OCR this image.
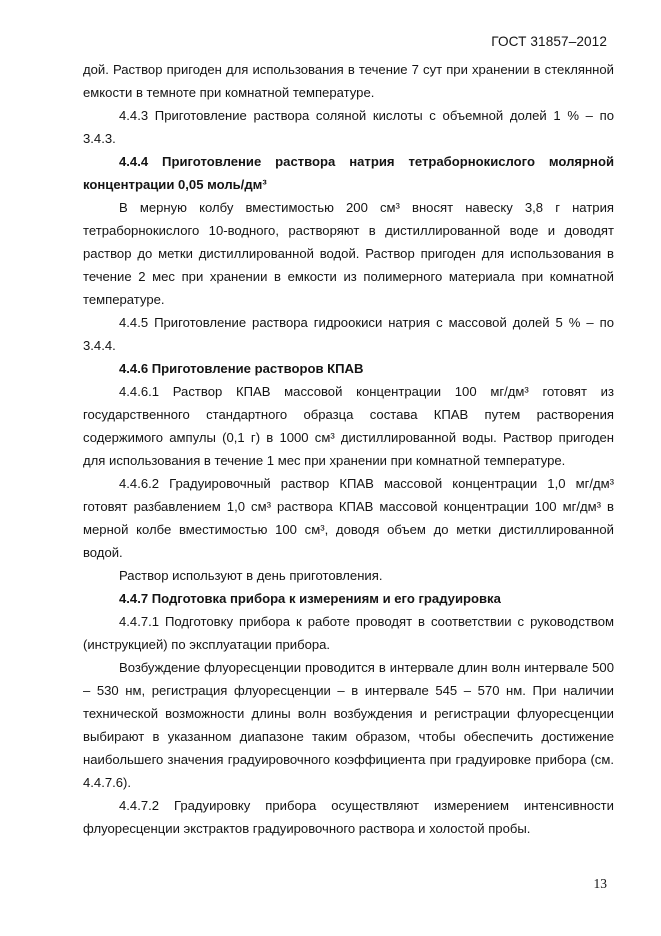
ГОСТ 31857–2012

дой. Раствор пригоден для использования в течение 7 сут при хранении в стеклянной емкости в темноте при комнатной температуре.

4.4.3 Приготовление раствора соляной кислоты с объемной долей 1 % – по 3.4.3.

4.4.4 Приготовление раствора натрия тетраборнокислого молярной концентрации 0,05 моль/дм³

В мерную колбу вместимостью 200 см³ вносят навеску 3,8 г натрия тетраборнокислого 10-водного, растворяют в дистиллированной воде и доводят раствор до метки дистиллированной водой. Раствор пригоден для использования в течение 2 мес при хранении в емкости из полимерного материала при комнатной температуре.

4.4.5 Приготовление раствора гидроокиси натрия с массовой долей 5 % – по 3.4.4.

4.4.6 Приготовление растворов КПАВ

4.4.6.1 Раствор КПАВ массовой концентрации 100 мг/дм³ готовят из государственного стандартного образца состава КПАВ путем растворения содержимого ампулы (0,1 г) в 1000 см³ дистиллированной воды. Раствор пригоден для использования в течение 1 мес при хранении при комнатной температуре.

4.4.6.2 Градуировочный раствор КПАВ массовой концентрации 1,0 мг/дм³ готовят разбавлением 1,0 см³ раствора КПАВ массовой концентрации 100 мг/дм³ в мерной колбе вместимостью 100 см³, доводя объем до метки дистиллированной водой.

Раствор используют в день приготовления.

4.4.7 Подготовка прибора к измерениям и его градуировка

4.4.7.1 Подготовку прибора к работе проводят в соответствии с руководством (инструкцией) по эксплуатации прибора.

Возбуждение флуоресценции проводится в интервале длин волн интервале 500 – 530 нм, регистрация флуоресценции – в интервале 545 – 570 нм. При наличии технической возможности длины волн возбуждения и регистрации флуоресценции выбирают в указанном диапазоне таким образом, чтобы обеспечить достижение наибольшего значения градуировочного коэффициента при градуировке прибора (см. 4.4.7.6).

4.4.7.2 Градуировку прибора осуществляют измерением интенсивности флуоресценции экстрактов градуировочного раствора и холостой пробы.

13
